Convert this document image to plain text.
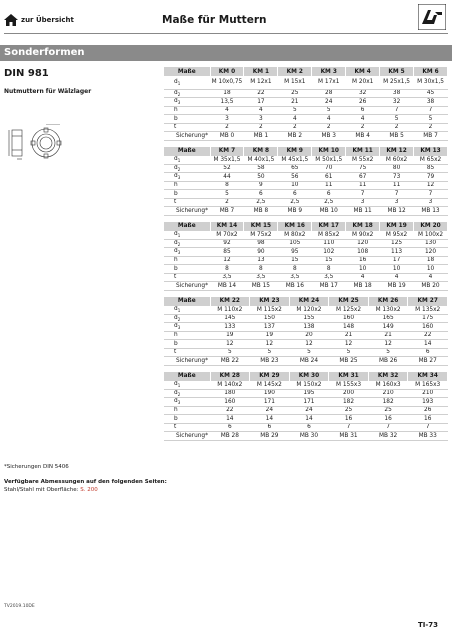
zur Übersicht	Maße für Muttern
Sonderformen
DIN 981
Nutmuttern für Wälzlager
Maße	KM 0	KM 1	KM 2	KM 3	KM 4	KM 5	KM 6
$d_1$	M 10x0,75	M 12x1	M 15x1	M 17x1	M 20x1	M 25x1,5	M 30x1,5
$d_2$	18	22	25	28	32	38	45
$d_3$	13,5	17	21	24	26	32	38
h	4	4	5	5	6	7	7
b	3	3	4	4	4	5	5
t	2	2	2	2	2	2	2
Sicherung*	MB 0	MB 1	MB 2	MB 3	MB 4	MB 5	MB 7
Maße	KM 7	KM 8	KM 9	KM 10	KM 11	KM 12	KM 13
$d_1$	M 35x1,5	M 40x1,5	M 45x1,5	M 50x1,5	M 55x2	M 60x2	M 65x2
$d_2$	52	58	65	70	75	80	85
$d_3$	44	50	56	61	67	73	79
h	8	9	10	11	11	11	12
b	5	6	6	6	7	7	7
t	2	2,5	2,5	2,5	3	3	3
Sicherung*	MB 7	MB 8	MB 9	MB 10	MB 11	MB 12	MB 13
Maße	KM 14	KM 15	KM 16	KM 17	KM 18	KM 19	KM 20
$d_1$	M 70x2	M 75x2	M 80x2	M 85x2	M 90x2	M 95x2	M 100x2
$d_2$	92	98	105	110	120	125	130
$d_3$	85	90	95	102	108	113	120
h	12	13	15	15	16	17	18
b	8	8	8	8	10	10	10
t	3,5	3,5	3,5	3,5	4	4	4
Sicherung*	MB 14	MB 15	MB 16	MB 17	MB 18	MB 19	MB 20
Maße	KM 22	KM 23	KM 24	KM 25	KM 26	KM 27
$d_1$	M 110x2	M 115x2	M 120x2	M 125x2	M 130x2	M 135x2
$d_2$	145	150	155	160	165	175
$d_3$	133	137	138	148	149	160
h	19	19	20	21	21	22
b	12	12	12	12	12	14
t	5	5	5	5	5	6
Sicherung*	MB 22	MB 23	MB 24	MB 25	MB 26	MB 27
Maße	KM 28	KM 29	KM 30	KM 31	KM 32	KM 34
$d_1$	M 140x2	M 145x2	M 150x2	M 155x3	M 160x3	M 165x3
$d_2$	180	190	195	200	210	210
$d_3$	160	171	171	182	182	193
h	22	24	24	25	25	26
b	14	14	14	16	16	16
t	6	6	6	7	7	7
Sicherung*	MB 28	MB 29	MB 30	MB 31	MB 32	MB 33
*Sicherungen DIN 5406
Verfügbare Abmessungen auf den folgenden Seiten:
Stahl/Stahl mit Oberfläche: S. 200
TV2019.10DE
TI-73
